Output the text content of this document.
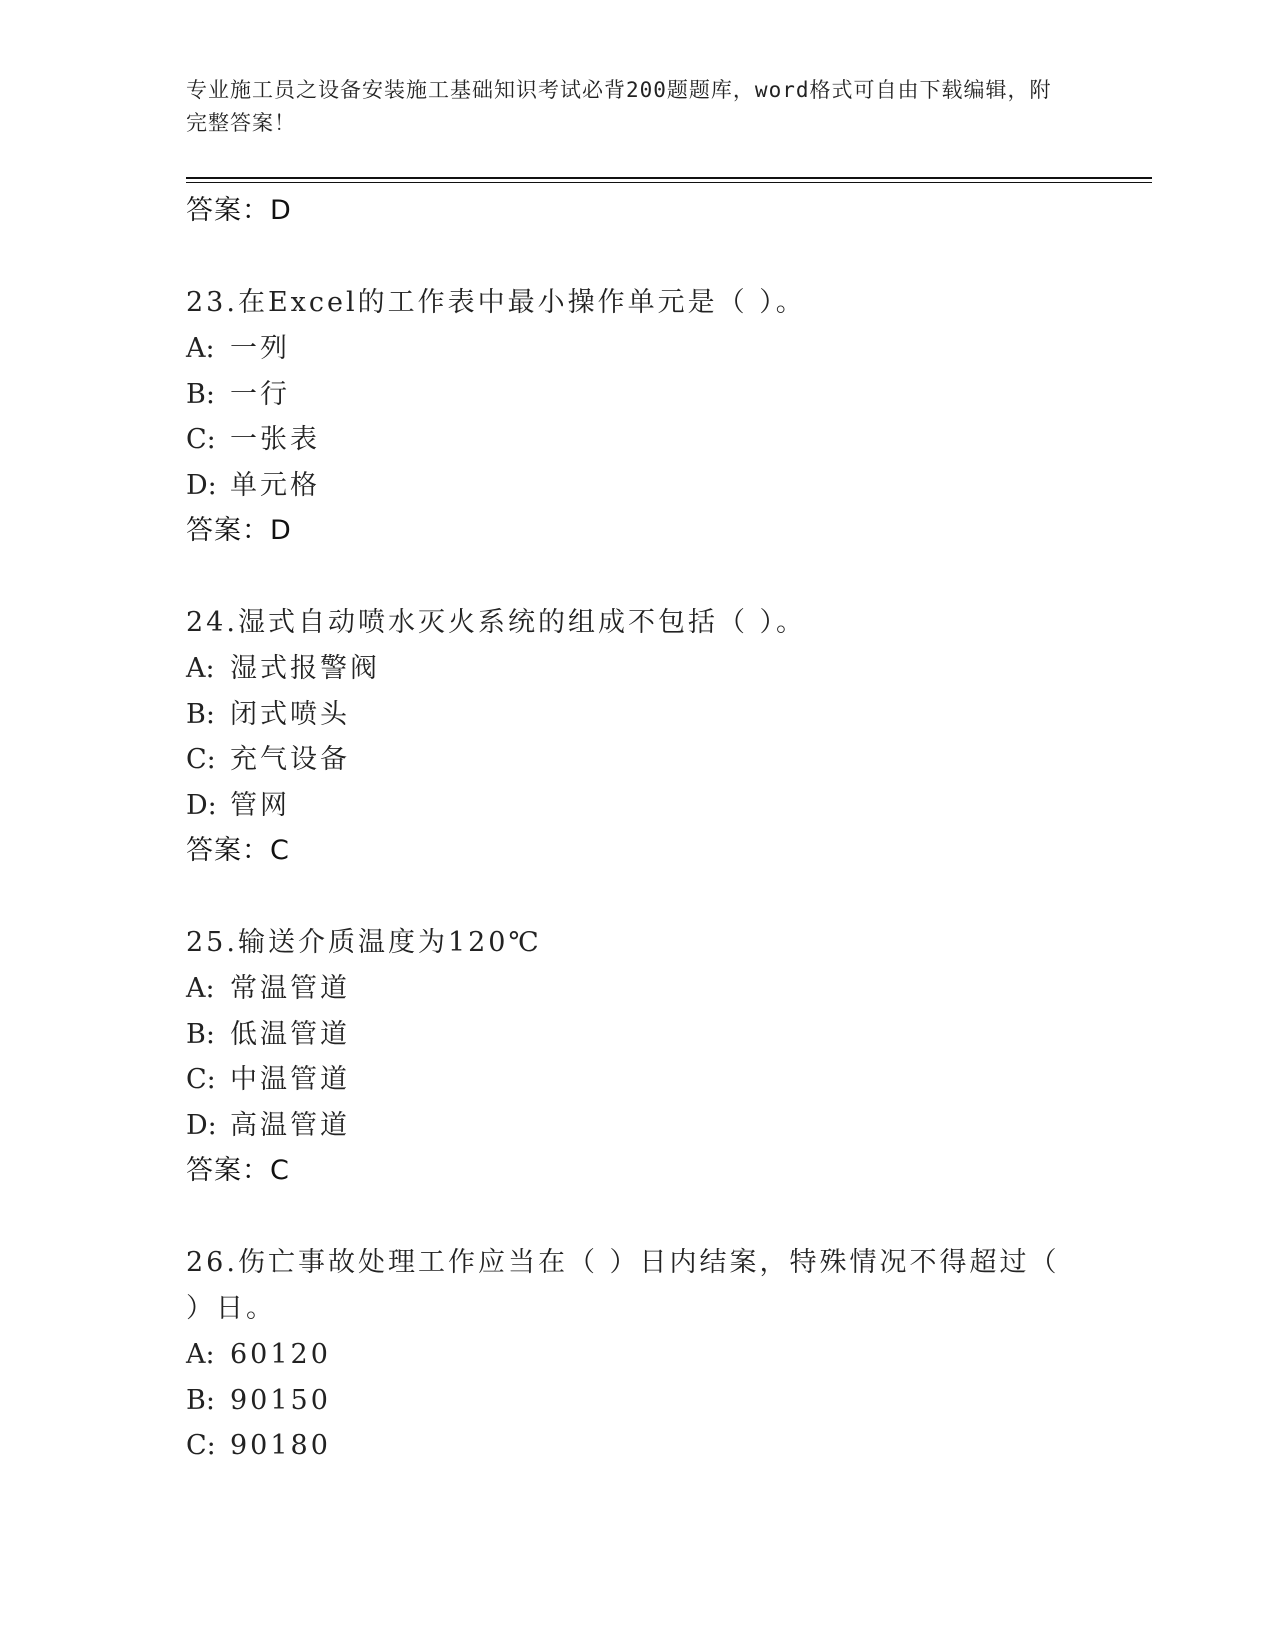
专业施工员之设备安装施工基础知识考试必背200题题库，word格式可自由下载编辑，附完整答案！
答案：D
23.在Excel的工作表中最小操作单元是（ ）。
A: 一列
B: 一行
C: 一张表
D: 单元格
答案：D
24.湿式自动喷水灭火系统的组成不包括（ ）。
A: 湿式报警阀
B: 闭式喷头
C: 充气设备
D: 管网
答案：C
25.输送介质温度为120℃
A: 常温管道
B: 低温管道
C: 中温管道
D: 高温管道
答案：C
26.伤亡事故处理工作应当在（ ）日内结案，特殊情况不得超过（ ）日。
A: 60120
B: 90150
C: 90180
